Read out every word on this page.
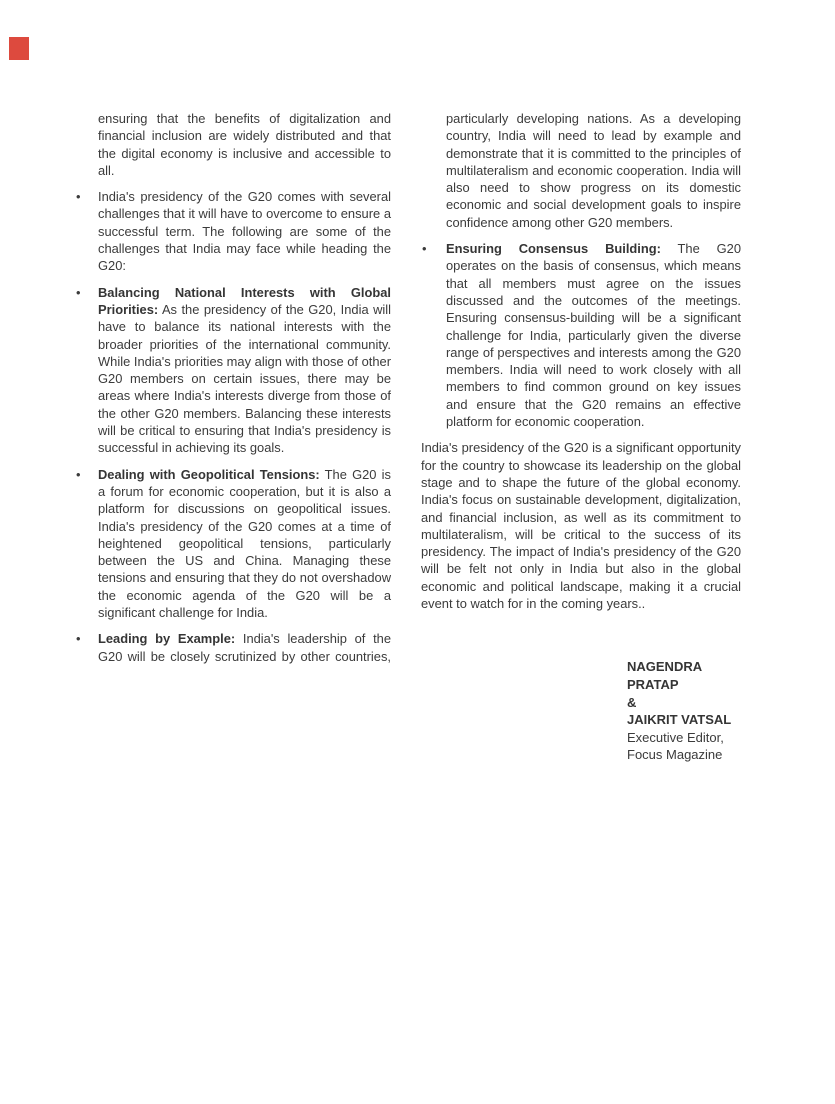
ensuring that the benefits of digitalization and financial inclusion are widely distributed and that the digital economy is inclusive and accessible to all.

• India's presidency of the G20 comes with several challenges that it will have to overcome to ensure a successful term. The following are some of the challenges that India may face while heading the G20:

• Balancing National Interests with Global Priorities: As the presidency of the G20, India will have to balance its national interests with the broader priorities of the international community. While India's priorities may align with those of other G20 members on certain issues, there may be areas where India's interests diverge from those of the other G20 members. Balancing these interests will be critical to ensuring that India's presidency is successful in achieving its goals.

• Dealing with Geopolitical Tensions: The G20 is a forum for economic cooperation, but it is also a platform for discussions on geopolitical issues. India's presidency of the G20 comes at a time of heightened geopolitical tensions, particularly between the US and China. Managing these tensions and ensuring that they do not overshadow the economic agenda of the G20 will be a significant challenge for India.

• Leading by Example: India's leadership of the G20 will be closely scrutinized by other countries,

particularly developing nations. As a developing country, India will need to lead by example and demonstrate that it is committed to the principles of multilateralism and economic cooperation. India will also need to show progress on its domestic economic and social development goals to inspire confidence among other G20 members.

• Ensuring Consensus Building: The G20 operates on the basis of consensus, which means that all members must agree on the issues discussed and the outcomes of the meetings. Ensuring consensus-building will be a significant challenge for India, particularly given the diverse range of perspectives and interests among the G20 members. India will need to work closely with all members to find common ground on key issues and ensure that the G20 remains an effective platform for economic cooperation.

India's presidency of the G20 is a significant opportunity for the country to showcase its leadership on the global stage and to shape the future of the global economy. India's focus on sustainable development, digitalization, and financial inclusion, as well as its commitment to multilateralism, will be critical to the success of its presidency. The impact of India's presidency of the G20 will be felt not only in India but also in the global economic and political landscape, making it a crucial event to watch for in the coming years..

NAGENDRA PRATAP
&
JAIKRIT VATSAL
Executive Editor,
Focus Magazine
